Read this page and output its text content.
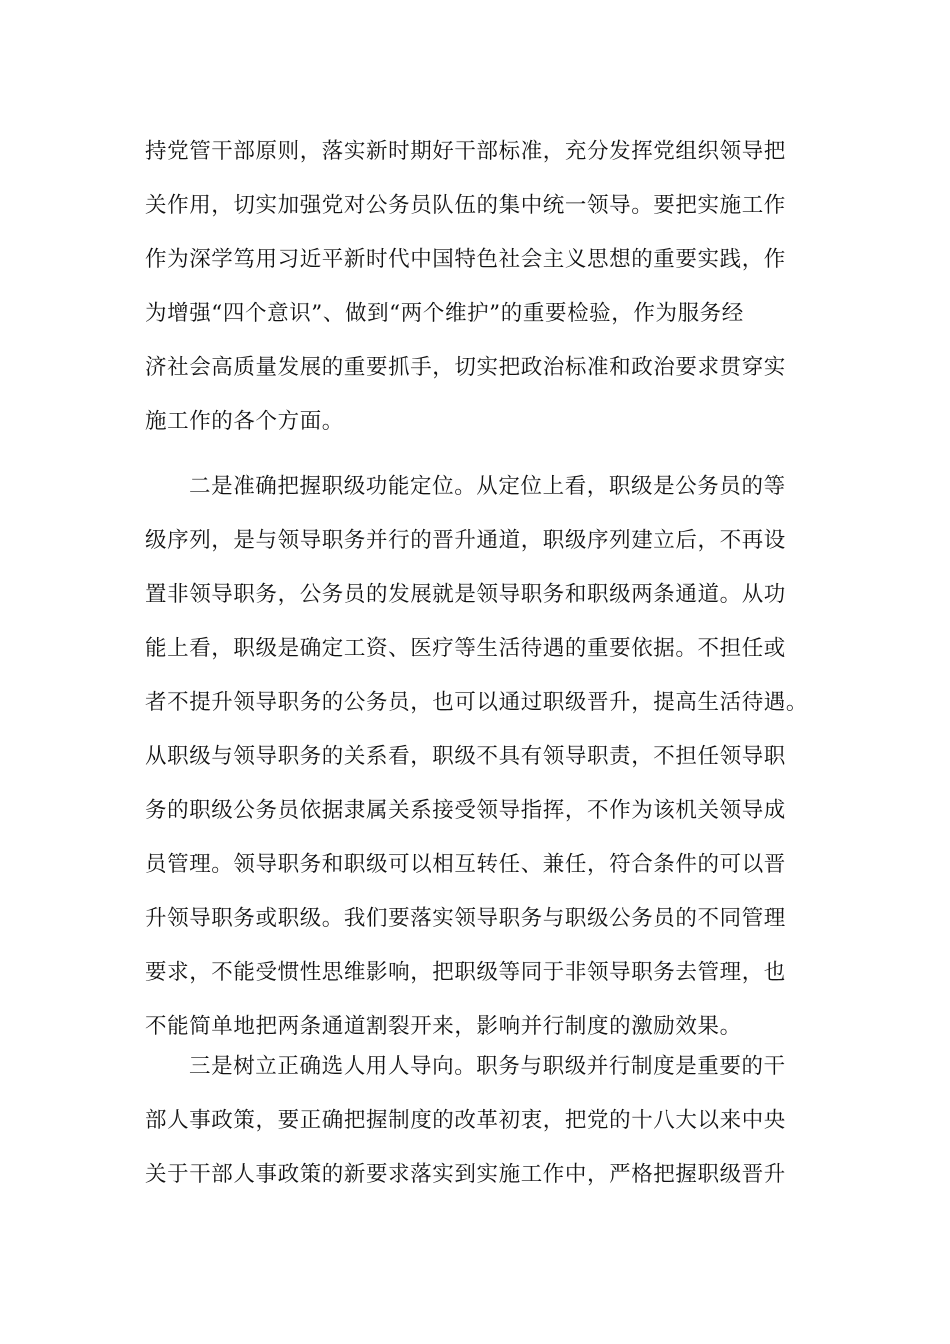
持党管干部原则，落实新时期好干部标准，充分发挥党组织领导把
关作用，切实加强党对公务员队伍的集中统一领导。要把实施工作
作为深学笃用习近平新时代中国特色社会主义思想的重要实践，作
为增强“四个意识”、做到“两个维护”的重要检验，作为服务经
济社会高质量发展的重要抓手，切实把政治标准和政治要求贯穿实
施工作的各个方面。
二是准确把握职级功能定位。从定位上看，职级是公务员的等
级序列，是与领导职务并行的晋升通道，职级序列建立后，不再设
置非领导职务，公务员的发展就是领导职务和职级两条通道。从功
能上看，职级是确定工资、医疗等生活待遇的重要依据。不担任或
者不提升领导职务的公务员，也可以通过职级晋升，提高生活待遇。
从职级与领导职务的关系看，职级不具有领导职责，不担任领导职
务的职级公务员依据隶属关系接受领导指挥，不作为该机关领导成
员管理。领导职务和职级可以相互转任、兼任，符合条件的可以晋
升领导职务或职级。我们要落实领导职务与职级公务员的不同管理
要求，不能受惯性思维影响，把职级等同于非领导职务去管理，也
不能简单地把两条通道割裂开来，影响并行制度的激励效果。
三是树立正确选人用人导向。职务与职级并行制度是重要的干
部人事政策，要正确把握制度的改革初衷，把党的十八大以来中央
关于干部人事政策的新要求落实到实施工作中，严格把握职级晋升
